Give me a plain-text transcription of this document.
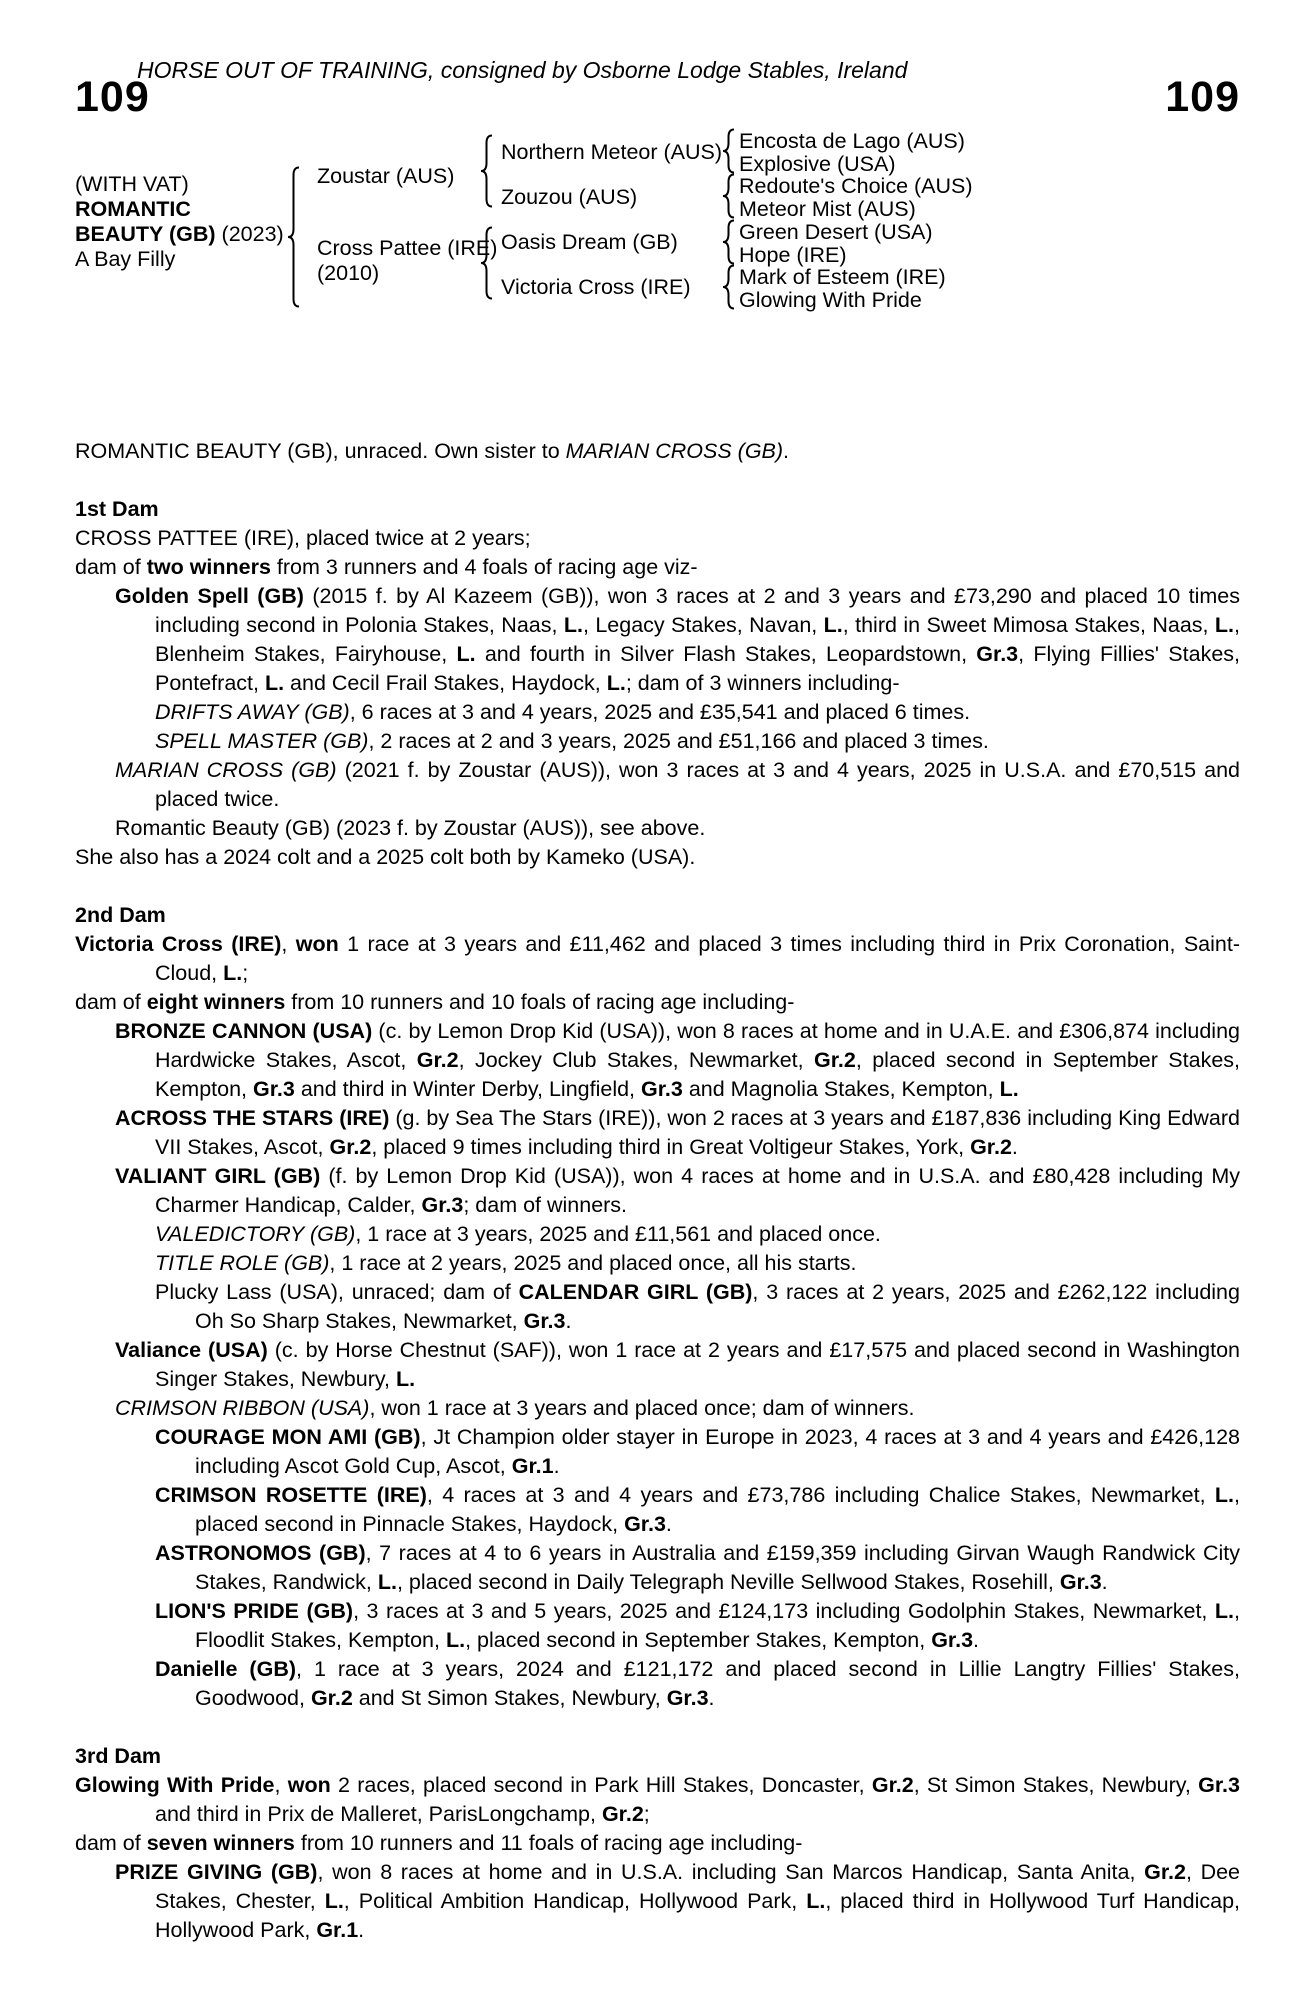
HORSE OUT OF TRAINING, consigned by Osborne Lodge Stables, Ireland
109	109
(WITH VAT)
ROMANTIC
BEAUTY (GB) (2023)
A Bay Filly
Zoustar (AUS)
Cross Pattee (IRE)
(2010)
Northern Meteor (AUS)
Zouzou (AUS)
Oasis Dream (GB)
Victoria Cross (IRE)
Encosta de Lago (AUS)
Explosive (USA)
Redoute's Choice (AUS)
Meteor Mist (AUS)
Green Desert (USA)
Hope (IRE)
Mark of Esteem (IRE)
Glowing With Pride
ROMANTIC BEAUTY (GB), unraced. Own sister to MARIAN CROSS (GB).
1st Dam
CROSS PATTEE (IRE), placed twice at 2 years;
dam of two winners from 3 runners and 4 foals of racing age viz-
Golden Spell (GB) (2015 f. by Al Kazeem (GB)), won 3 races at 2 and 3 years and £73,290 and placed 10 times including second in Polonia Stakes, Naas, L., Legacy Stakes, Navan, L., third in Sweet Mimosa Stakes, Naas, L., Blenheim Stakes, Fairyhouse, L. and fourth in Silver Flash Stakes, Leopardstown, Gr.3, Flying Fillies' Stakes, Pontefract, L. and Cecil Frail Stakes, Haydock, L.; dam of 3 winners including-
DRIFTS AWAY (GB), 6 races at 3 and 4 years, 2025 and £35,541 and placed 6 times.
SPELL MASTER (GB), 2 races at 2 and 3 years, 2025 and £51,166 and placed 3 times.
MARIAN CROSS (GB) (2021 f. by Zoustar (AUS)), won 3 races at 3 and 4 years, 2025 in U.S.A. and £70,515 and placed twice.
Romantic Beauty (GB) (2023 f. by Zoustar (AUS)), see above.
She also has a 2024 colt and a 2025 colt both by Kameko (USA).
2nd Dam
Victoria Cross (IRE), won 1 race at 3 years and £11,462 and placed 3 times including third in Prix Coronation, Saint-Cloud, L.;
dam of eight winners from 10 runners and 10 foals of racing age including-
BRONZE CANNON (USA) (c. by Lemon Drop Kid (USA)), won 8 races at home and in U.A.E. and £306,874 including Hardwicke Stakes, Ascot, Gr.2, Jockey Club Stakes, Newmarket, Gr.2, placed second in September Stakes, Kempton, Gr.3 and third in Winter Derby, Lingfield, Gr.3 and Magnolia Stakes, Kempton, L.
ACROSS THE STARS (IRE) (g. by Sea The Stars (IRE)), won 2 races at 3 years and £187,836 including King Edward VII Stakes, Ascot, Gr.2, placed 9 times including third in Great Voltigeur Stakes, York, Gr.2.
VALIANT GIRL (GB) (f. by Lemon Drop Kid (USA)), won 4 races at home and in U.S.A. and £80,428 including My Charmer Handicap, Calder, Gr.3; dam of winners.
VALEDICTORY (GB), 1 race at 3 years, 2025 and £11,561 and placed once.
TITLE ROLE (GB), 1 race at 2 years, 2025 and placed once, all his starts.
Plucky Lass (USA), unraced; dam of CALENDAR GIRL (GB), 3 races at 2 years, 2025 and £262,122 including Oh So Sharp Stakes, Newmarket, Gr.3.
Valiance (USA) (c. by Horse Chestnut (SAF)), won 1 race at 2 years and £17,575 and placed second in Washington Singer Stakes, Newbury, L.
CRIMSON RIBBON (USA), won 1 race at 3 years and placed once; dam of winners.
COURAGE MON AMI (GB), Jt Champion older stayer in Europe in 2023, 4 races at 3 and 4 years and £426,128 including Ascot Gold Cup, Ascot, Gr.1.
CRIMSON ROSETTE (IRE), 4 races at 3 and 4 years and £73,786 including Chalice Stakes, Newmarket, L., placed second in Pinnacle Stakes, Haydock, Gr.3.
ASTRONOMOS (GB), 7 races at 4 to 6 years in Australia and £159,359 including Girvan Waugh Randwick City Stakes, Randwick, L., placed second in Daily Telegraph Neville Sellwood Stakes, Rosehill, Gr.3.
LION'S PRIDE (GB), 3 races at 3 and 5 years, 2025 and £124,173 including Godolphin Stakes, Newmarket, L., Floodlit Stakes, Kempton, L., placed second in September Stakes, Kempton, Gr.3.
Danielle (GB), 1 race at 3 years, 2024 and £121,172 and placed second in Lillie Langtry Fillies' Stakes, Goodwood, Gr.2 and St Simon Stakes, Newbury, Gr.3.
3rd Dam
Glowing With Pride, won 2 races, placed second in Park Hill Stakes, Doncaster, Gr.2, St Simon Stakes, Newbury, Gr.3 and third in Prix de Malleret, ParisLongchamp, Gr.2;
dam of seven winners from 10 runners and 11 foals of racing age including-
PRIZE GIVING (GB), won 8 races at home and in U.S.A. including San Marcos Handicap, Santa Anita, Gr.2, Dee Stakes, Chester, L., Political Ambition Handicap, Hollywood Park, L., placed third in Hollywood Turf Handicap, Hollywood Park, Gr.1.
